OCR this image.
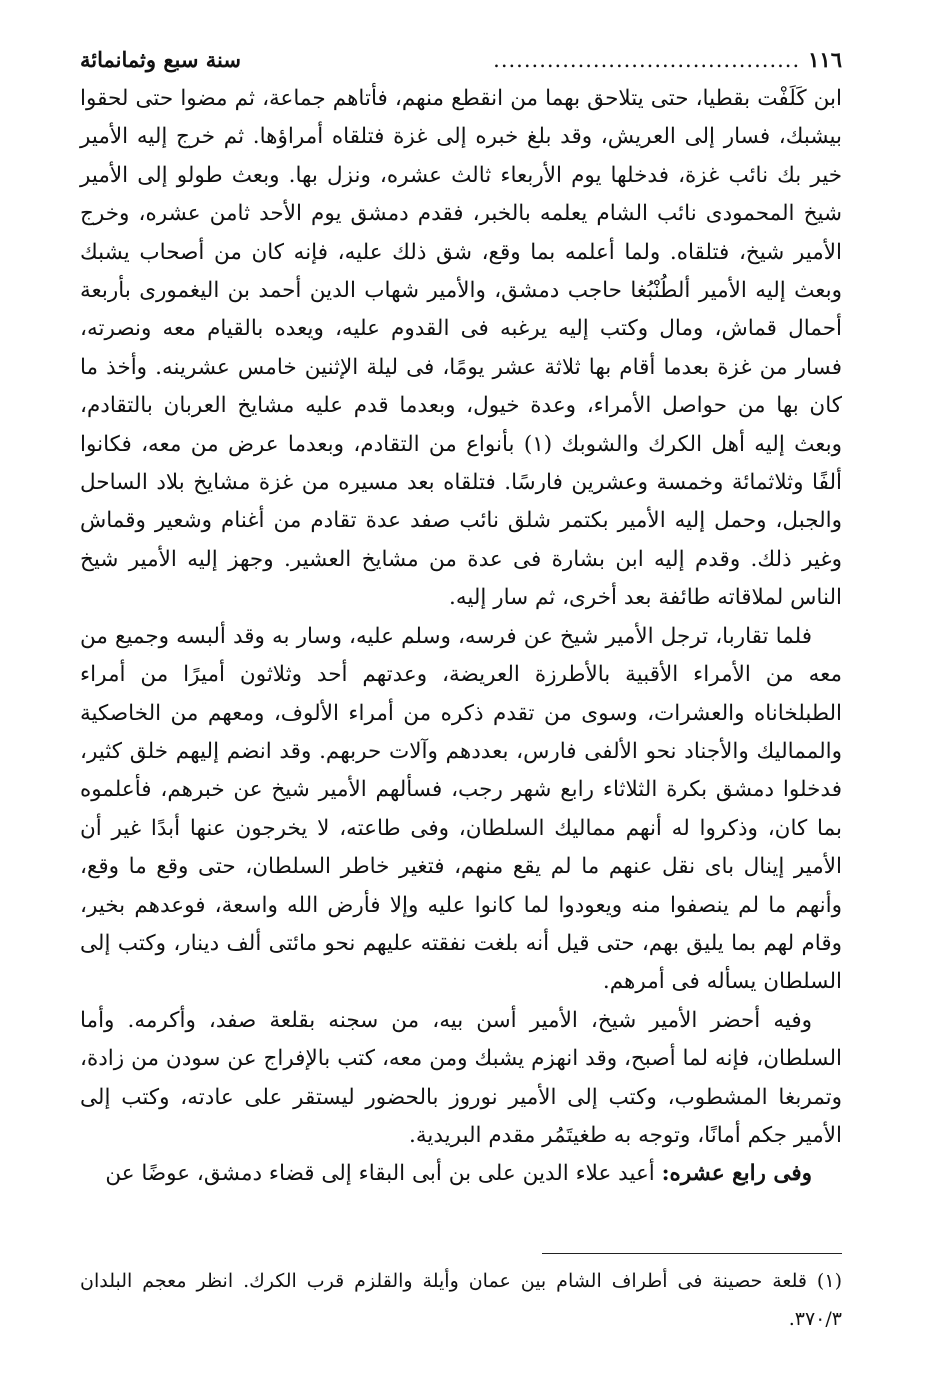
١١٦
........................................
سنة سبع وثمانمائة

ابن كَلَفْت بقطيا، حتى يتلاحق بهما من انقطع منهم، فأتاهم جماعة، ثم مضوا حتى لحقوا بيشبك، فسار إلى العريش، وقد بلغ خبره إلى غزة فتلقاه أمراؤها. ثم خرج إليه الأمير خير بك نائب غزة، فدخلها يوم الأربعاء ثالث عشره، ونزل بها. وبعث طولو إلى الأمير شيخ المحمودى نائب الشام يعلمه بالخبر، فقدم دمشق يوم الأحد ثامن عشره، وخرج الأمير شيخ، فتلقاه. ولما أعلمه بما وقع، شق ذلك عليه، فإنه كان من أصحاب يشبك وبعث إليه الأمير ألطُنْبُغا حاجب دمشق، والأمير شهاب الدين أحمد بن اليغمورى بأربعة أحمال قماش، ومال وكتب إليه يرغبه فى القدوم عليه، ويعده بالقيام معه ونصرته، فسار من غزة بعدما أقام بها ثلاثة عشر يومًا، فى ليلة الإثنين خامس عشرينه. وأخذ ما كان بها من حواصل الأمراء، وعدة خيول، وبعدما قدم عليه مشايخ العربان بالتقادم، وبعث إليه أهل الكرك والشوبك (١) بأنواع من التقادم، وبعدما عرض من معه، فكانوا ألفًا وثلاثمائة وخمسة وعشرين فارسًا. فتلقاه بعد مسيره من غزة مشايخ بلاد الساحل والجبل، وحمل إليه الأمير بكتمر شلق نائب صفد عدة تقادم من أغنام وشعير وقماش وغير ذلك. وقدم إليه ابن بشارة فى عدة من مشايخ العشير. وجهز إليه الأمير شيخ الناس لملاقاته طائفة بعد أخرى، ثم سار إليه.

فلما تقاربا، ترجل الأمير شيخ عن فرسه، وسلم عليه، وسار به وقد ألبسه وجميع من معه من الأمراء الأقبية بالأطرزة العريضة، وعدتهم أحد وثلاثون أميرًا من أمراء الطبلخاناه والعشرات، وسوى من تقدم ذكره من أمراء الألوف، ومعهم من الخاصكية والمماليك والأجناد نحو الألفى فارس، بعددهم وآلات حربهم. وقد انضم إليهم خلق كثير، فدخلوا دمشق بكرة الثلاثاء رابع شهر رجب، فسألهم الأمير شيخ عن خبرهم، فأعلموه بما كان، وذكروا له أنهم مماليك السلطان، وفى طاعته، لا يخرجون عنها أبدًا غير أن الأمير إينال باى نقل عنهم ما لم يقع منهم، فتغير خاطر السلطان، حتى وقع ما وقع، وأنهم ما لم ينصفوا منه ويعودوا لما كانوا عليه وإلا فأرض الله واسعة، فوعدهم بخير، وقام لهم بما يليق بهم، حتى قيل أنه بلغت نفقته عليهم نحو مائتى ألف دينار، وكتب إلى السلطان يسأله فى أمرهم.

وفيه أحضر الأمير شيخ، الأمير أسن بيه، من سجنه بقلعة صفد، وأكرمه. وأما السلطان، فإنه لما أصبح، وقد انهزم يشبك ومن معه، كتب بالإفراج عن سودن من زادة، وتمربغا المشطوب، وكتب إلى الأمير نوروز بالحضور ليستقر على عادته، وكتب إلى الأمير جكم أمانًا، وتوجه به طغيتَمُر مقدم البريدية.

وفى رابع عشره: أعيد علاء الدين على بن أبى البقاء إلى قضاء دمشق، عوضًا عن

(١) قلعة حصينة فى أطراف الشام بين عمان وأيلة والقلزم قرب الكرك. انظر معجم البلدان ٣٧٠/٣.
